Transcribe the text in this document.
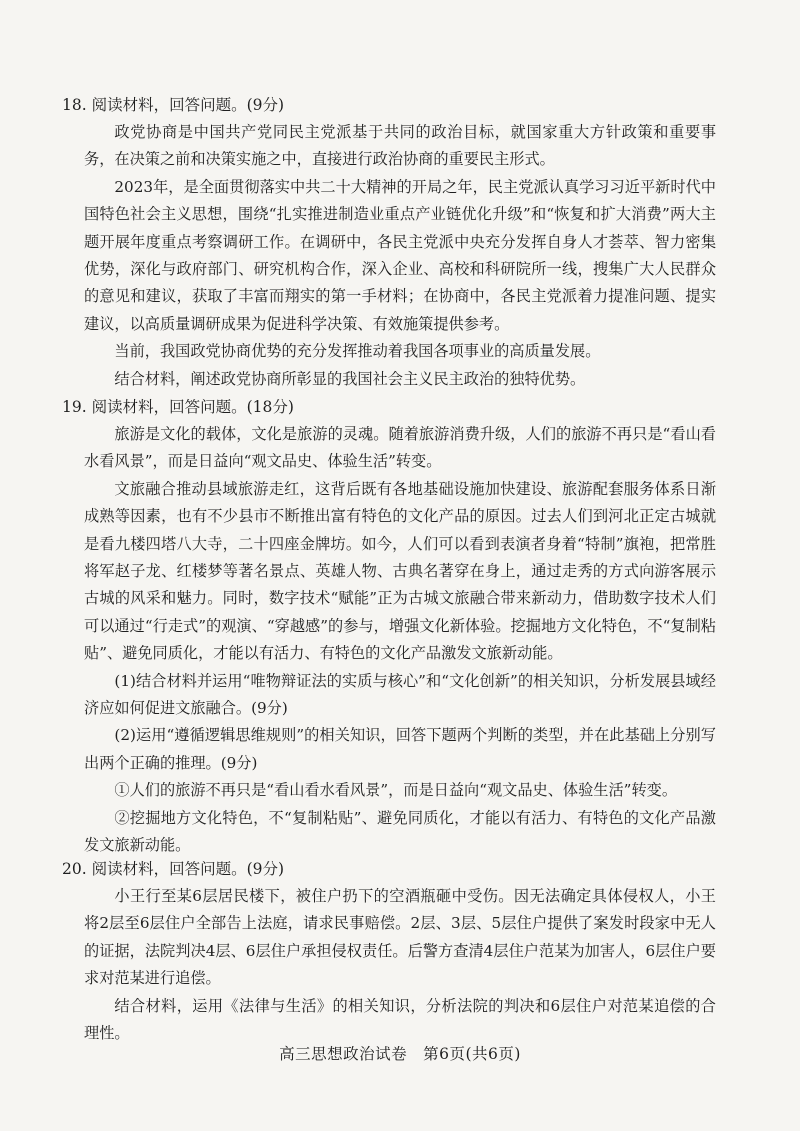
18. 阅读材料，回答问题。(9分)

政党协商是中国共产党同民主党派基于共同的政治目标，就国家重大方针政策和重要事务，在决策之前和决策实施之中，直接进行政治协商的重要民主形式。

2023年，是全面贯彻落实中共二十大精神的开局之年，民主党派认真学习习近平新时代中国特色社会主义思想，围绕“扎实推进制造业重点产业链优化升级”和“恢复和扩大消费”两大主题开展年度重点考察调研工作。在调研中，各民主党派中央充分发挥自身人才荟萃、智力密集优势，深化与政府部门、研究机构合作，深入企业、高校和科研院所一线，搜集广大人民群众的意见和建议，获取了丰富而翔实的第一手材料；在协商中，各民主党派着力提准问题、提实建议，以高质量调研成果为促进科学决策、有效施策提供参考。

当前，我国政党协商优势的充分发挥推动着我国各项事业的高质量发展。

结合材料，阐述政党协商所彰显的我国社会主义民主政治的独特优势。

19. 阅读材料，回答问题。(18分)

旅游是文化的载体，文化是旅游的灵魂。随着旅游消费升级，人们的旅游不再只是“看山看水看风景”，而是日益向“观文品史、体验生活”转变。

文旅融合推动县域旅游走红，这背后既有各地基础设施加快建设、旅游配套服务体系日渐成熟等因素，也有不少县市不断推出富有特色的文化产品的原因。过去人们到河北正定古城就是看九楼四塔八大寺，二十四座金牌坊。如今，人们可以看到表演者身着“特制”旗袍，把常胜将军赵子龙、红楼梦等著名景点、英雄人物、古典名著穿在身上，通过走秀的方式向游客展示古城的风采和魅力。同时，数字技术“赋能”正为古城文旅融合带来新动力，借助数字技术人们可以通过“行走式”的观演、“穿越感”的参与，增强文化新体验。挖掘地方文化特色，不“复制粘贴”、避免同质化，才能以有活力、有特色的文化产品激发文旅新动能。

(1)结合材料并运用“唯物辩证法的实质与核心”和“文化创新”的相关知识，分析发展县域经济应如何促进文旅融合。(9分)

(2)运用“遵循逻辑思维规则”的相关知识，回答下题两个判断的类型，并在此基础上分别写出两个正确的推理。(9分)

①人们的旅游不再只是“看山看水看风景”，而是日益向“观文品史、体验生活”转变。

②挖掘地方文化特色，不“复制粘贴”、避免同质化，才能以有活力、有特色的文化产品激发文旅新动能。

20. 阅读材料，回答问题。(9分)

小王行至某6层居民楼下，被住户扔下的空酒瓶砸中受伤。因无法确定具体侵权人，小王将2层至6层住户全部告上法庭，请求民事赔偿。2层、3层、5层住户提供了案发时段家中无人的证据，法院判决4层、6层住户承担侵权责任。后警方查清4层住户范某为加害人，6层住户要求对范某进行追偿。

结合材料，运用《法律与生活》的相关知识，分析法院的判决和6层住户对范某追偿的合理性。

高三思想政治试卷　第6页(共6页)
